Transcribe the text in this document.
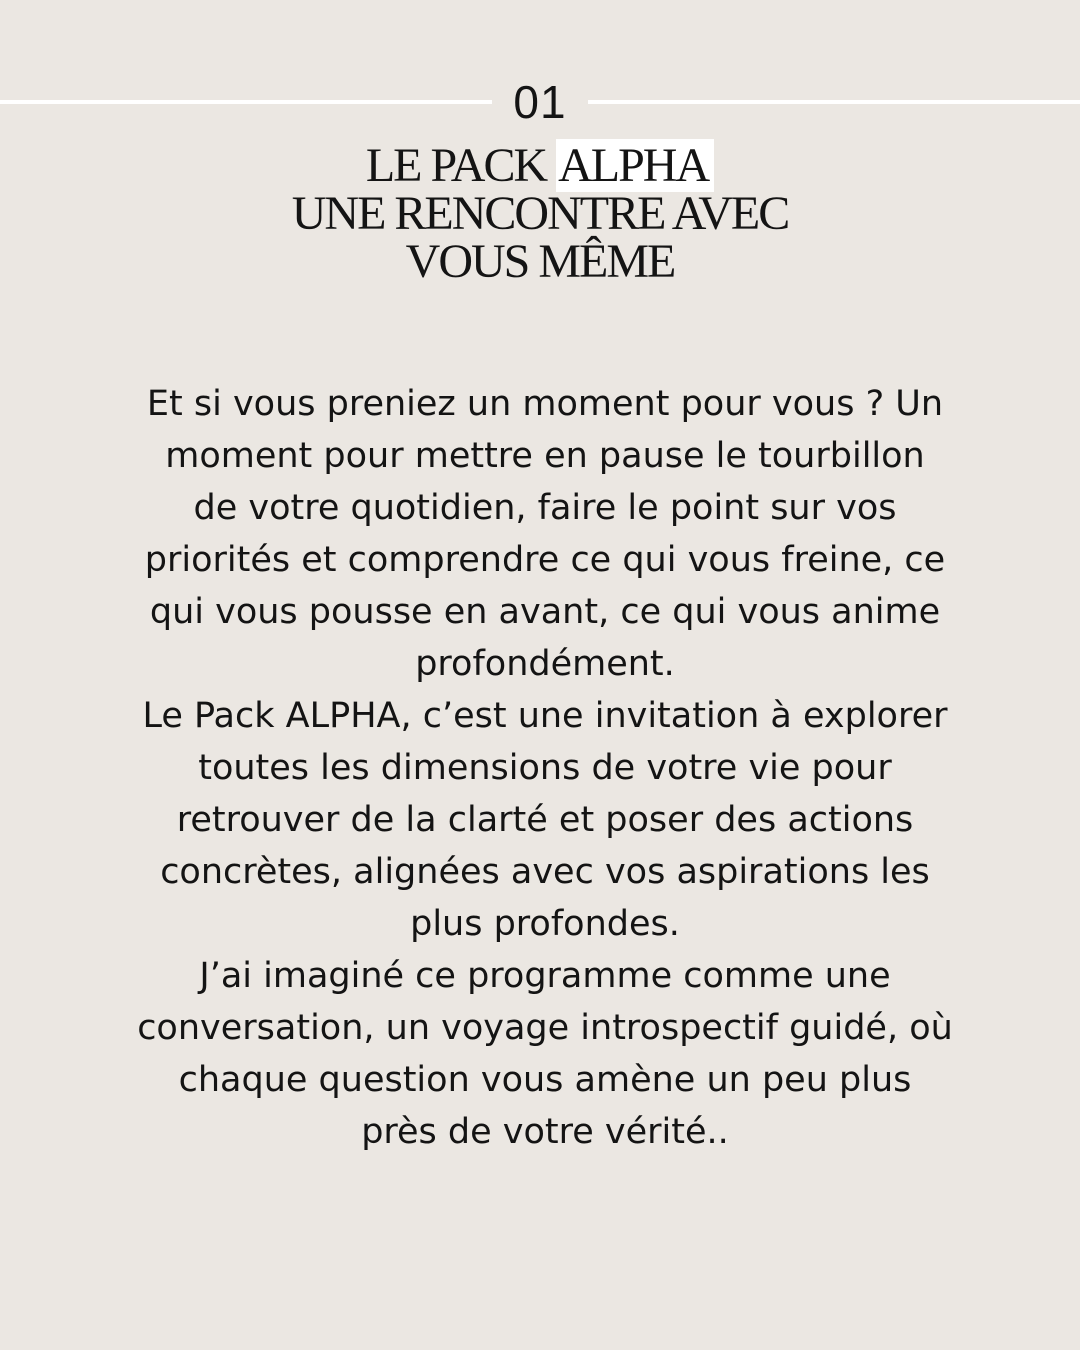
01
LE PACK ALPHA
UNE RENCONTRE AVEC
VOUS MÊME

Et si vous preniez un moment pour vous ? Un
moment pour mettre en pause le tourbillon
de votre quotidien, faire le point sur vos
priorités et comprendre ce qui vous freine, ce
qui vous pousse en avant, ce qui vous anime
profondément.
Le Pack ALPHA, c’est une invitation à explorer
toutes les dimensions de votre vie pour
retrouver de la clarté et poser des actions
concrètes, alignées avec vos aspirations les
plus profondes.
J’ai imaginé ce programme comme une
conversation, un voyage introspectif guidé, où
chaque question vous amène un peu plus
près de votre vérité..
